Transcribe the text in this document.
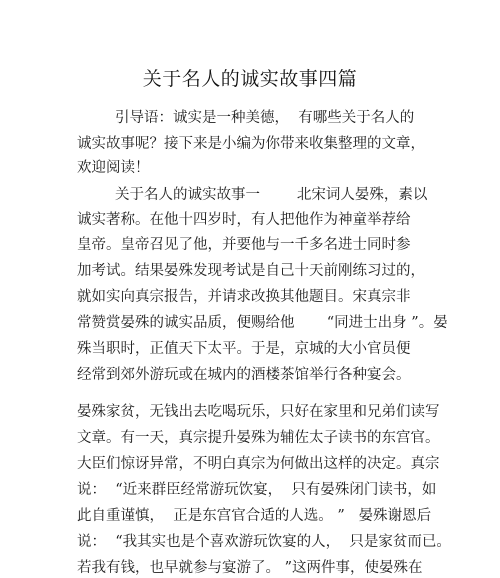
关于名人的诚实故事四篇
引导语：诚实是一种美德，  有哪些关于名人的
诚实故事呢？接下来是小编为你带来收集整理的文章，
欢迎阅读！
关于名人的诚实故事一        北宋词人晏殊，素以
诚实著称。在他十四岁时，有人把他作为神童举荐给
皇帝。皇帝召见了他，并要他与一千多名进士同时参
加考试。结果晏殊发现考试是自己十天前刚练习过的，
就如实向真宗报告，并请求改换其他题目。宋真宗非
常赞赏晏殊的诚实品质，便赐给他       “同进士出身 ”。晏
殊当职时，正值天下太平。于是，京城的大小官员便
经常到郊外游玩或在城内的酒楼茶馆举行各种宴会。
晏殊家贫，无钱出去吃喝玩乐，只好在家里和兄弟们读写
文章。有一天，真宗提升晏殊为辅佐太子读书的东宫官。
大臣们惊讶异常，不明白真宗为何做出这样的决定。真宗
说：  “近来群臣经常游玩饮宴，  只有晏殊闭门读书，如
此自重谨慎，  正是东宫官合适的人选。 ”   晏殊谢恩后
说：  “我其实也是个喜欢游玩饮宴的人，  只是家贫而已。
若我有钱，也早就参与宴游了。 ”这两件事，使晏殊在
